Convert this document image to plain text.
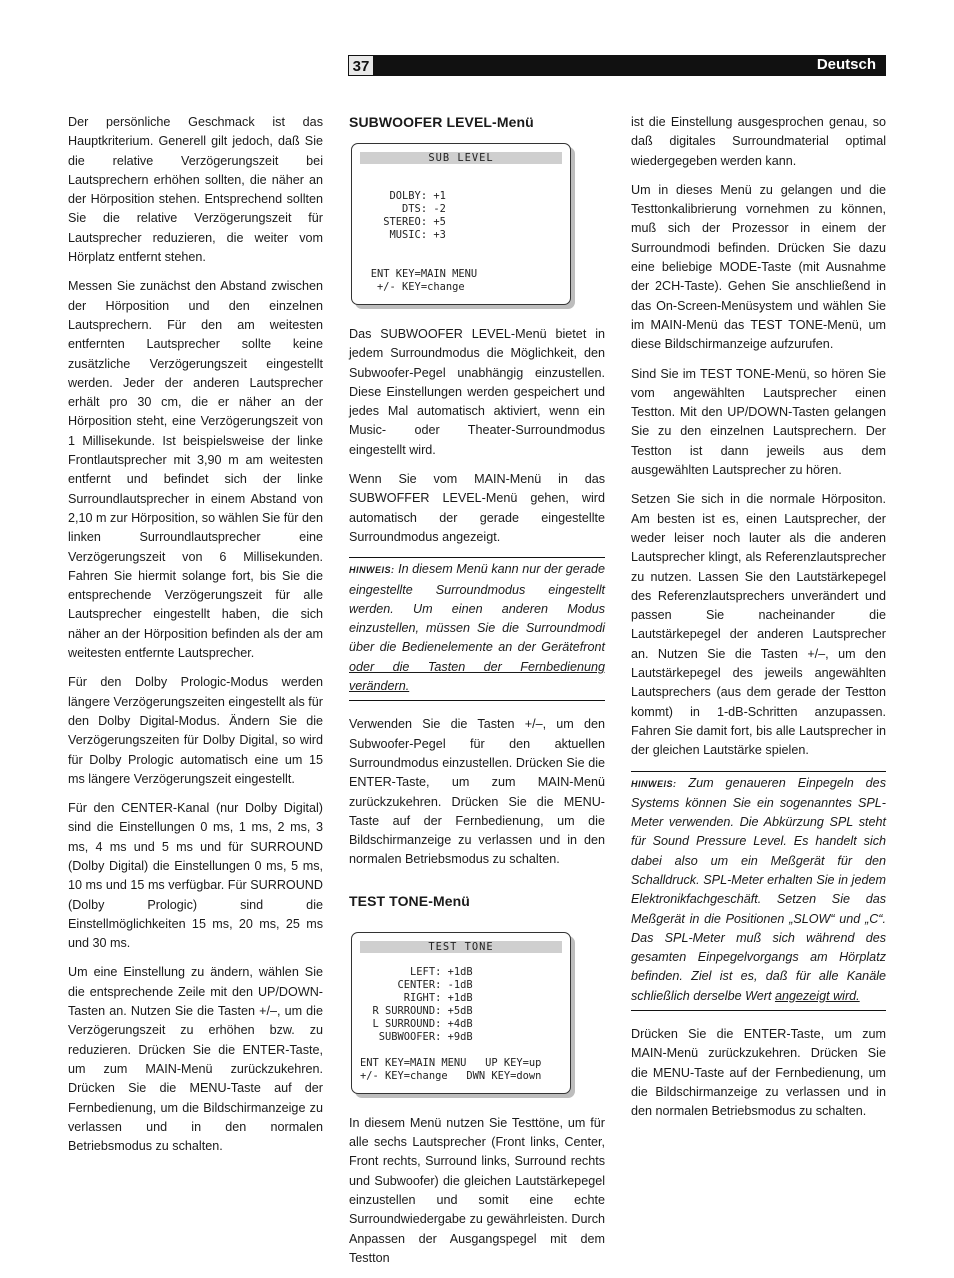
37	Deutsch

Der persönliche Geschmack ist das Hauptkriterium. Generell gilt jedoch, daß Sie die relative Verzögerungszeit bei Lautsprechern erhöhen sollten, die näher an der Hörposition stehen. Entsprechend sollten Sie die relative Verzögerungszeit für Lautsprecher reduzieren, die weiter vom Hörplatz entfernt stehen.

Messen Sie zunächst den Abstand zwischen der Hörposition und den einzelnen Lautsprechern. Für den am weitesten entfernten Lautsprecher sollte keine zusätzliche Verzögerungszeit eingestellt werden. Jeder der anderen Lautsprecher erhält pro 30 cm, die er näher an der Hörposition steht, eine Verzögerungszeit von 1 Millisekunde. Ist beispielsweise der linke Frontlautsprecher mit 3,90 m am weitesten entfernt und befindet sich der linke Surroundlautsprecher in einem Abstand von 2,10 m zur Hörposition, so wählen Sie für den linken Surroundlautsprecher eine Verzögerungszeit von 6 Millisekunden. Fahren Sie hiermit solange fort, bis Sie die entsprechende Verzögerungszeit für alle Lautsprecher eingestellt haben, die sich näher an der Hörposition befinden als der am weitesten entfernte Lautsprecher.

Für den Dolby Prologic-Modus werden längere Verzögerungszeiten eingestellt als für den Dolby Digital-Modus. Ändern Sie die Verzögerungszeiten für Dolby Digital, so wird für Dolby Prologic automatisch eine um 15 ms längere Verzögerungszeit eingestellt.

Für den CENTER-Kanal (nur Dolby Digital) sind die Einstellungen 0 ms, 1 ms, 2 ms, 3 ms, 4 ms und 5 ms und für SURROUND (Dolby Digital) die Einstellungen 0 ms, 5 ms, 10 ms und 15 ms verfügbar. Für SURROUND (Dolby Prologic) sind die Einstellmöglichkeiten 15 ms, 20 ms, 25 ms und 30 ms.

Um eine Einstellung zu ändern, wählen Sie die entsprechende Zeile mit den UP/DOWN-Tasten an. Nutzen Sie die Tasten +/–, um die Verzögerungszeit zu erhöhen bzw. zu reduzieren. Drücken Sie die ENTER-Taste, um zum MAIN-Menü zurückzukehren. Drücken Sie die MENU-Taste auf der Fernbedienung, um die Bildschirmanzeige zu verlassen und in den normalen Betriebsmodus zu schalten.

SUBWOOFER LEVEL-Menü
SUB LEVEL

DOLBY: +1
DTS: -2
STEREO: +5
MUSIC: +3

ENT KEY=MAIN MENU
+/- KEY=change

Das SUBWOOFER LEVEL-Menü bietet in jedem Surroundmodus die Möglichkeit, den Subwoofer-Pegel unabhängig einzustellen. Diese Einstellungen werden gespeichert und jedes Mal automatisch aktiviert, wenn ein Music- oder Theater-Surroundmodus eingestellt wird.

Wenn Sie vom MAIN-Menü in das SUBWOFFER LEVEL-Menü gehen, wird automatisch der gerade eingestellte Surroundmodus angezeigt.

HINWEIS: In diesem Menü kann nur der gerade eingestellte Surroundmodus eingestellt werden. Um einen anderen Modus einzustellen, müssen Sie die Surroundmodi über die Bedienelemente an der Gerätefront oder die Tasten der Fernbedienung verändern.

Verwenden Sie die Tasten +/–, um den Subwoofer-Pegel für den aktuellen Surroundmodus einzustellen. Drücken Sie die ENTER-Taste, um zum MAIN-Menü zurückzukehren. Drücken Sie die MENU-Taste auf der Fernbedienung, um die Bildschirmanzeige zu verlassen und in den normalen Betriebsmodus zu schalten.

TEST TONE-Menü
TEST TONE

LEFT: +1dB
CENTER: -1dB
RIGHT: +1dB
R SURROUND: +5dB
L SURROUND: +4dB
SUBWOOFER: +9dB

ENT KEY=MAIN MENU   UP KEY=up
+/- KEY=change   DWN KEY=down

In diesem Menü nutzen Sie Testtöne, um für alle sechs Lautsprecher (Front links, Center, Front rechts, Surround links, Surround rechts und Subwoofer) die gleichen Lautstärkepegel einzustellen und somit eine echte Surroundwiedergabe zu gewährleisten. Durch Anpassen der Ausgangspegel mit dem Testton

ist die Einstellung ausgesprochen genau, so daß digitales Surroundmaterial optimal wiedergegeben werden kann.

Um in dieses Menü zu gelangen und die Testtonkalibrierung vornehmen zu können, muß sich der Prozessor in einem der Surroundmodi befinden. Drücken Sie dazu eine beliebige MODE-Taste (mit Ausnahme der 2CH-Taste). Gehen Sie anschließend in das On-Screen-Menüsystem und wählen Sie im MAIN-Menü das TEST TONE-Menü, um diese Bildschirmanzeige aufzurufen.

Sind Sie im TEST TONE-Menü, so hören Sie vom angewählten Lautsprecher einen Testton. Mit den UP/DOWN-Tasten gelangen Sie zu den einzelnen Lautsprechern. Der Testton ist dann jeweils aus dem ausgewählten Lautsprecher zu hören.

Setzen Sie sich in die normale Hörpositon. Am besten ist es, einen Lautsprecher, der weder leiser noch lauter als die anderen Lautsprecher klingt, als Referenzlautsprecher zu nutzen. Lassen Sie den Lautstärkepegel des Referenzlautsprechers unverändert und passen Sie nacheinander die Lautstärkepegel der anderen Lautsprecher an. Nutzen Sie die Tasten +/–, um den Lautstärkepegel des jeweils angewählten Lautsprechers (aus dem gerade der Testton kommt) in 1-dB-Schritten anzupassen. Fahren Sie damit fort, bis alle Lautsprecher in der gleichen Lautstärke spielen.

HINWEIS: Zum genaueren Einpegeln des Systems können Sie ein sogenanntes SPL-Meter verwenden. Die Abkürzung SPL steht für Sound Pressure Level. Es handelt sich dabei also um ein Meßgerät für den Schalldruck. SPL-Meter erhalten Sie in jedem Elektronikfachgeschäft. Setzen Sie das Meßgerät in die Positionen „SLOW“ und „C“. Das SPL-Meter muß sich während des gesamten Einpegelvorgangs am Hörplatz befinden. Ziel ist es, daß für alle Kanäle schließlich derselbe Wert angezeigt wird.

Drücken Sie die ENTER-Taste, um zum MAIN-Menü zurückzukehren. Drücken Sie die MENU-Taste auf der Fernbedienung, um die Bildschirmanzeige zu verlassen und in den normalen Betriebsmodus zu schalten.
